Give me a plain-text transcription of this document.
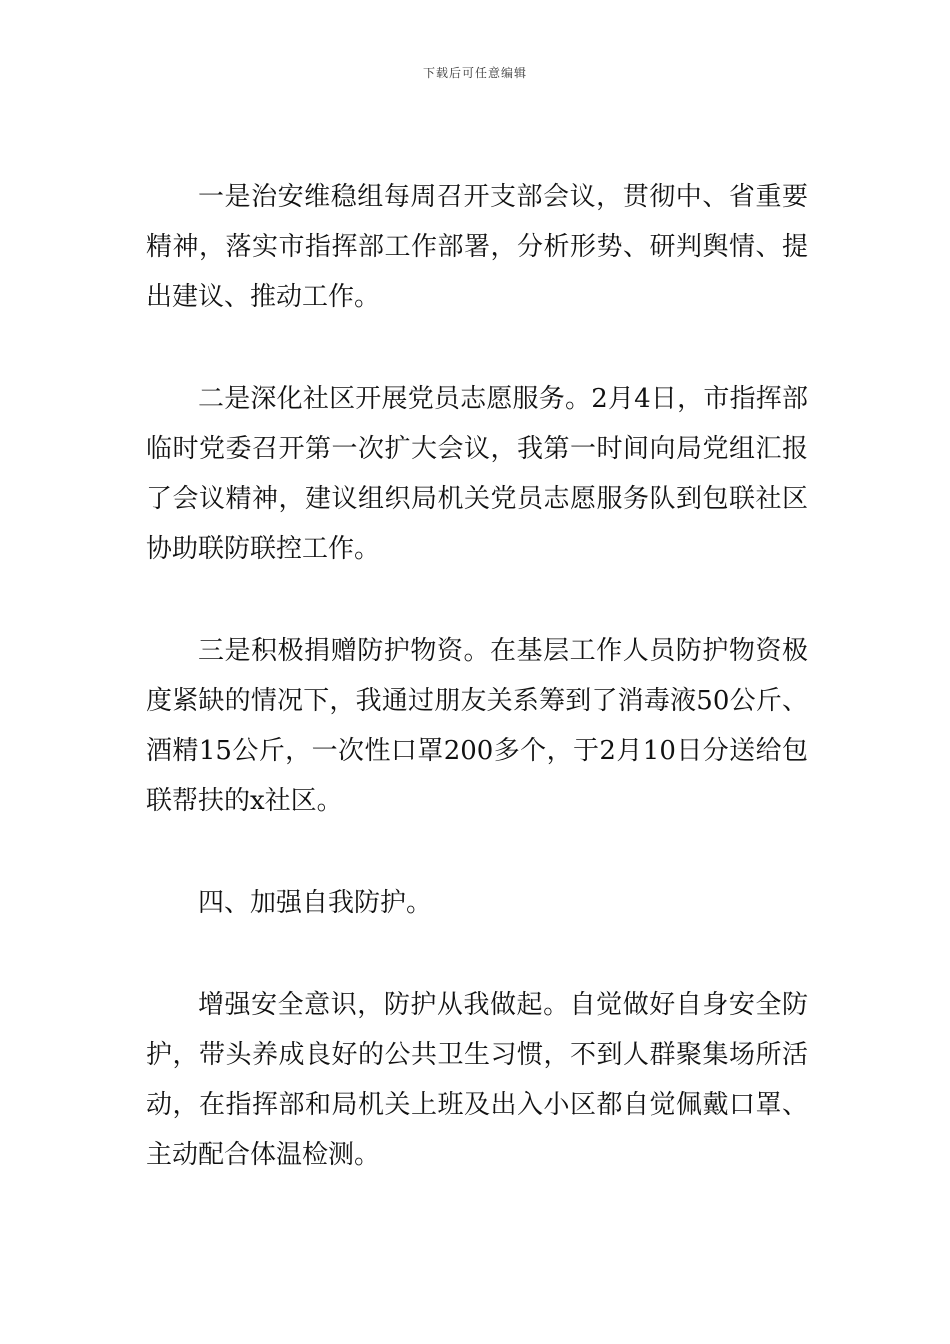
下载后可任意编辑

一是治安维稳组每周召开支部会议，贯彻中、省重要精神，落实市指挥部工作部署，分析形势、研判舆情、提出建议、推动工作。

二是深化社区开展党员志愿服务。2月4日，市指挥部临时党委召开第一次扩大会议，我第一时间向局党组汇报了会议精神，建议组织局机关党员志愿服务队到包联社区协助联防联控工作。

三是积极捐赠防护物资。在基层工作人员防护物资极度紧缺的情况下，我通过朋友关系筹到了消毒液50公斤、酒精15公斤，一次性口罩200多个，于2月10日分送给包联帮扶的x社区。

四、加强自我防护。

增强安全意识，防护从我做起。自觉做好自身安全防护，带头养成良好的公共卫生习惯，不到人群聚集场所活动，在指挥部和局机关上班及出入小区都自觉佩戴口罩、主动配合体温检测。
